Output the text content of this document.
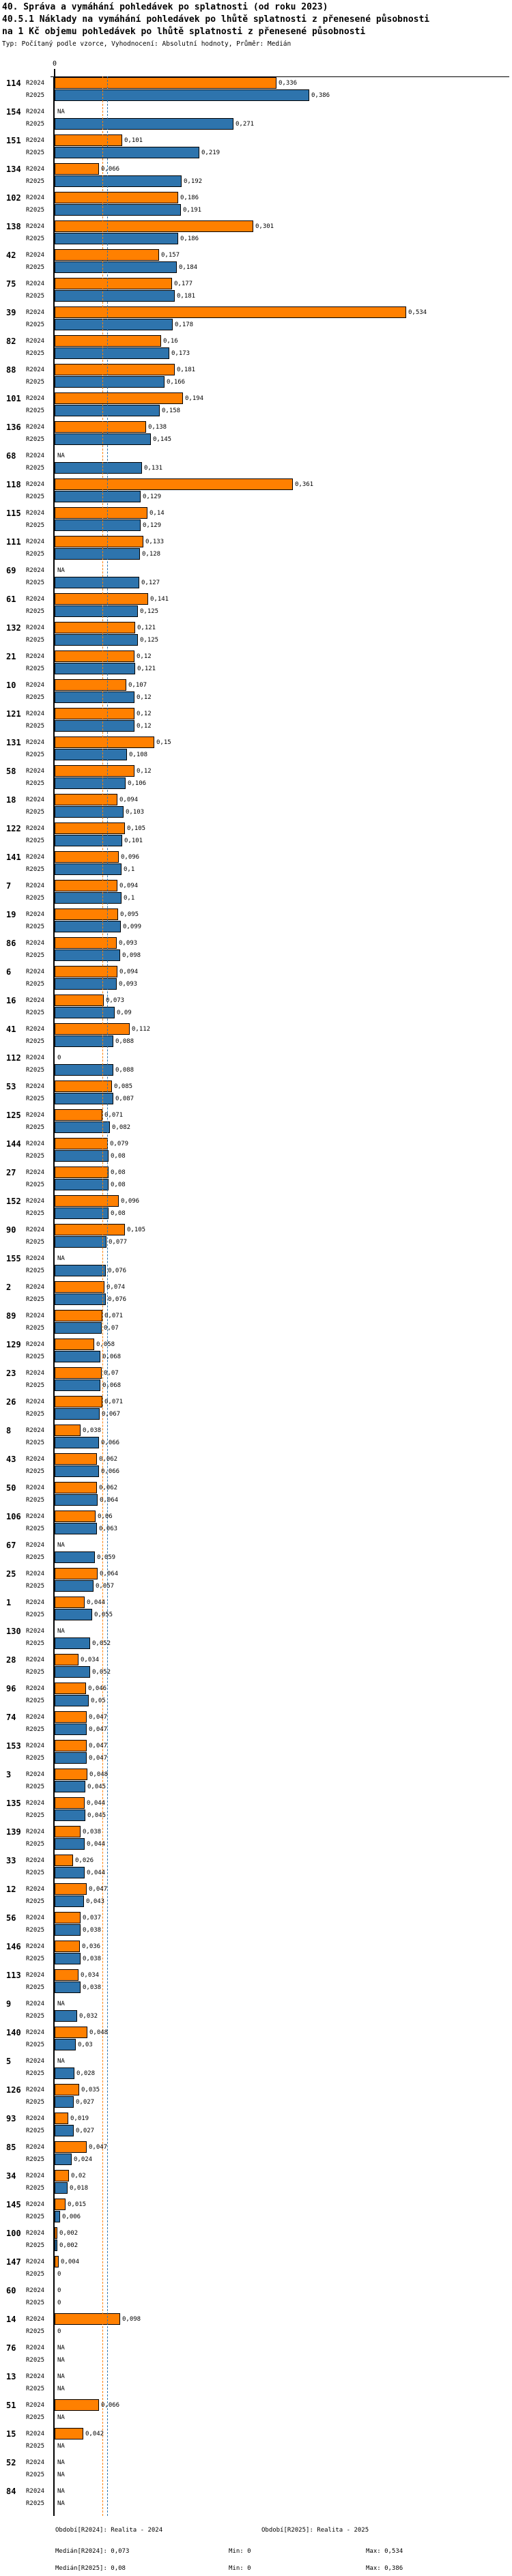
40. Správa a vymáhání pohledávek po splatnosti (od roku 2023)
40.5.1 Náklady na vymáhání pohledávek po lhůtě splatnosti z přenesené působnosti
na 1 Kč objemu pohledávek po lhůtě splatnosti z přenesené působnosti
Typ: Počítaný podle vzorce, Vyhodnocení: Absolutní hodnoty, Průměr: Medián
0
114 R2024	0,336
R2025	0,386
154 R2024 NA
R2025	0,271
151 R2024	0,101
R2025	0,219
134 R2024	0,066
R2025	0,192
102 R2024	0,186
R2025	0,191
138 R2024	0,301
R2025	0,186
42 R2024	0,157
R2025	0,184
75 R2024	0,177
R2025	0,181
39 R2024	0,534
R2025	0,178
82 R2024	0,16
R2025	0,173
88 R2024	0,181
R2025	0,166
101 R2024	0,194
R2025	0,158
136 R2024	0,138
R2025	0,145
68 R2024 NA
R2025	0,131
118 R2024	0,361
R2025	0,129
115 R2024	0,14
R2025	0,129
111 R2024	0,133
R2025	0,128
69 R2024 NA
R2025	0,127
61 R2024	0,141
R2025	0,125
132 R2024	0,121
R2025	0,125
21 R2024	0,12
R2025	0,121
10 R2024	0,107
R2025	0,12
121 R2024	0,12
R2025	0,12
131 R2024	0,15
R2025	0,108
58 R2024	0,12
R2025	0,106
18 R2024	0,094
R2025	0,103
122 R2024	0,105
R2025	0,101
141 R2024	0,096
R2025	0,1
7 R2024	0,094
R2025	0,1
19 R2024	0,095
R2025	0,099
86 R2024	0,093
R2025	0,098
6 R2024	0,094
R2025	0,093
16 R2024	0,073
R2025	0,09
41 R2024	0,112
R2025	0,088
112 R2024 0
R2025	0,088
53 R2024	0,085
R2025	0,087
125 R2024	0,071
R2025	0,082
144 R2024	0,079
R2025	0,08
27 R2024	0,08
R2025	0,08
152 R2024	0,096
R2025	0,08
90 R2024	0,105
R2025	0,077
155 R2024 NA
R2025	0,076
2 R2024	0,074
R2025	0,076
89 R2024	0,071
R2025	0,07
129 R2024	0,058
R2025	0,068
23 R2024	0,07
R2025	0,068
26 R2024	0,071
R2025	0,067
8 R2024	0,038
R2025	0,066
43 R2024	0,062
R2025	0,066
50 R2024	0,062
R2025	0,064
106 R2024	0,06
R2025	0,063
67 R2024 NA
R2025	0,059
25 R2024	0,064
R2025	0,057
1 R2024	0,044
R2025	0,055
130 R2024 NA
R2025	0,052
28 R2024	0,034
R2025	0,052
96 R2024	0,046
R2025	0,05
74 R2024	0,047
R2025	0,047
153 R2024	0,047
R2025	0,047
3 R2024	0,048
R2025	0,045
135 R2024	0,044
R2025	0,045
139 R2024	0,038
R2025	0,044
33 R2024	0,026
R2025	0,044
12 R2024	0,047
R2025	0,043
56 R2024	0,037
R2025	0,038
146 R2024	0,036
R2025	0,038
113 R2024	0,034
R2025	0,038
9 R2024 NA
R2025	0,032
140 R2024	0,048
R2025	0,03
5 R2024 NA
R2025	0,028
126 R2024	0,035
R2025	0,027
93 R2024	0,019
R2025	0,027
85 R2024	0,047
R2025	0,024
34 R2024	0,02
R2025	0,018
145 R2024	0,015
R2025	0,006
100 R2024 0,002
R2025 0,002
147 R2024	0,004
R2025 0
60 R2024 0
R2025 0
14 R2024	0,098
R2025 0
76 R2024 NA
R2025 NA
13 R2024 NA
R2025 NA
51 R2024	0,066
R2025 NA
15 R2024	0,042
R2025 NA
52 R2024 NA
R2025 NA
84 R2024 NA
R2025 NA
Období[R2024]: Realita - 2024	Období[R2025]: Realita - 2025
Medián[R2024]: 0,073	Min: 0	Max: 0,534
Medián[R2025]: 0,08	Min: 0	Max: 0,386
